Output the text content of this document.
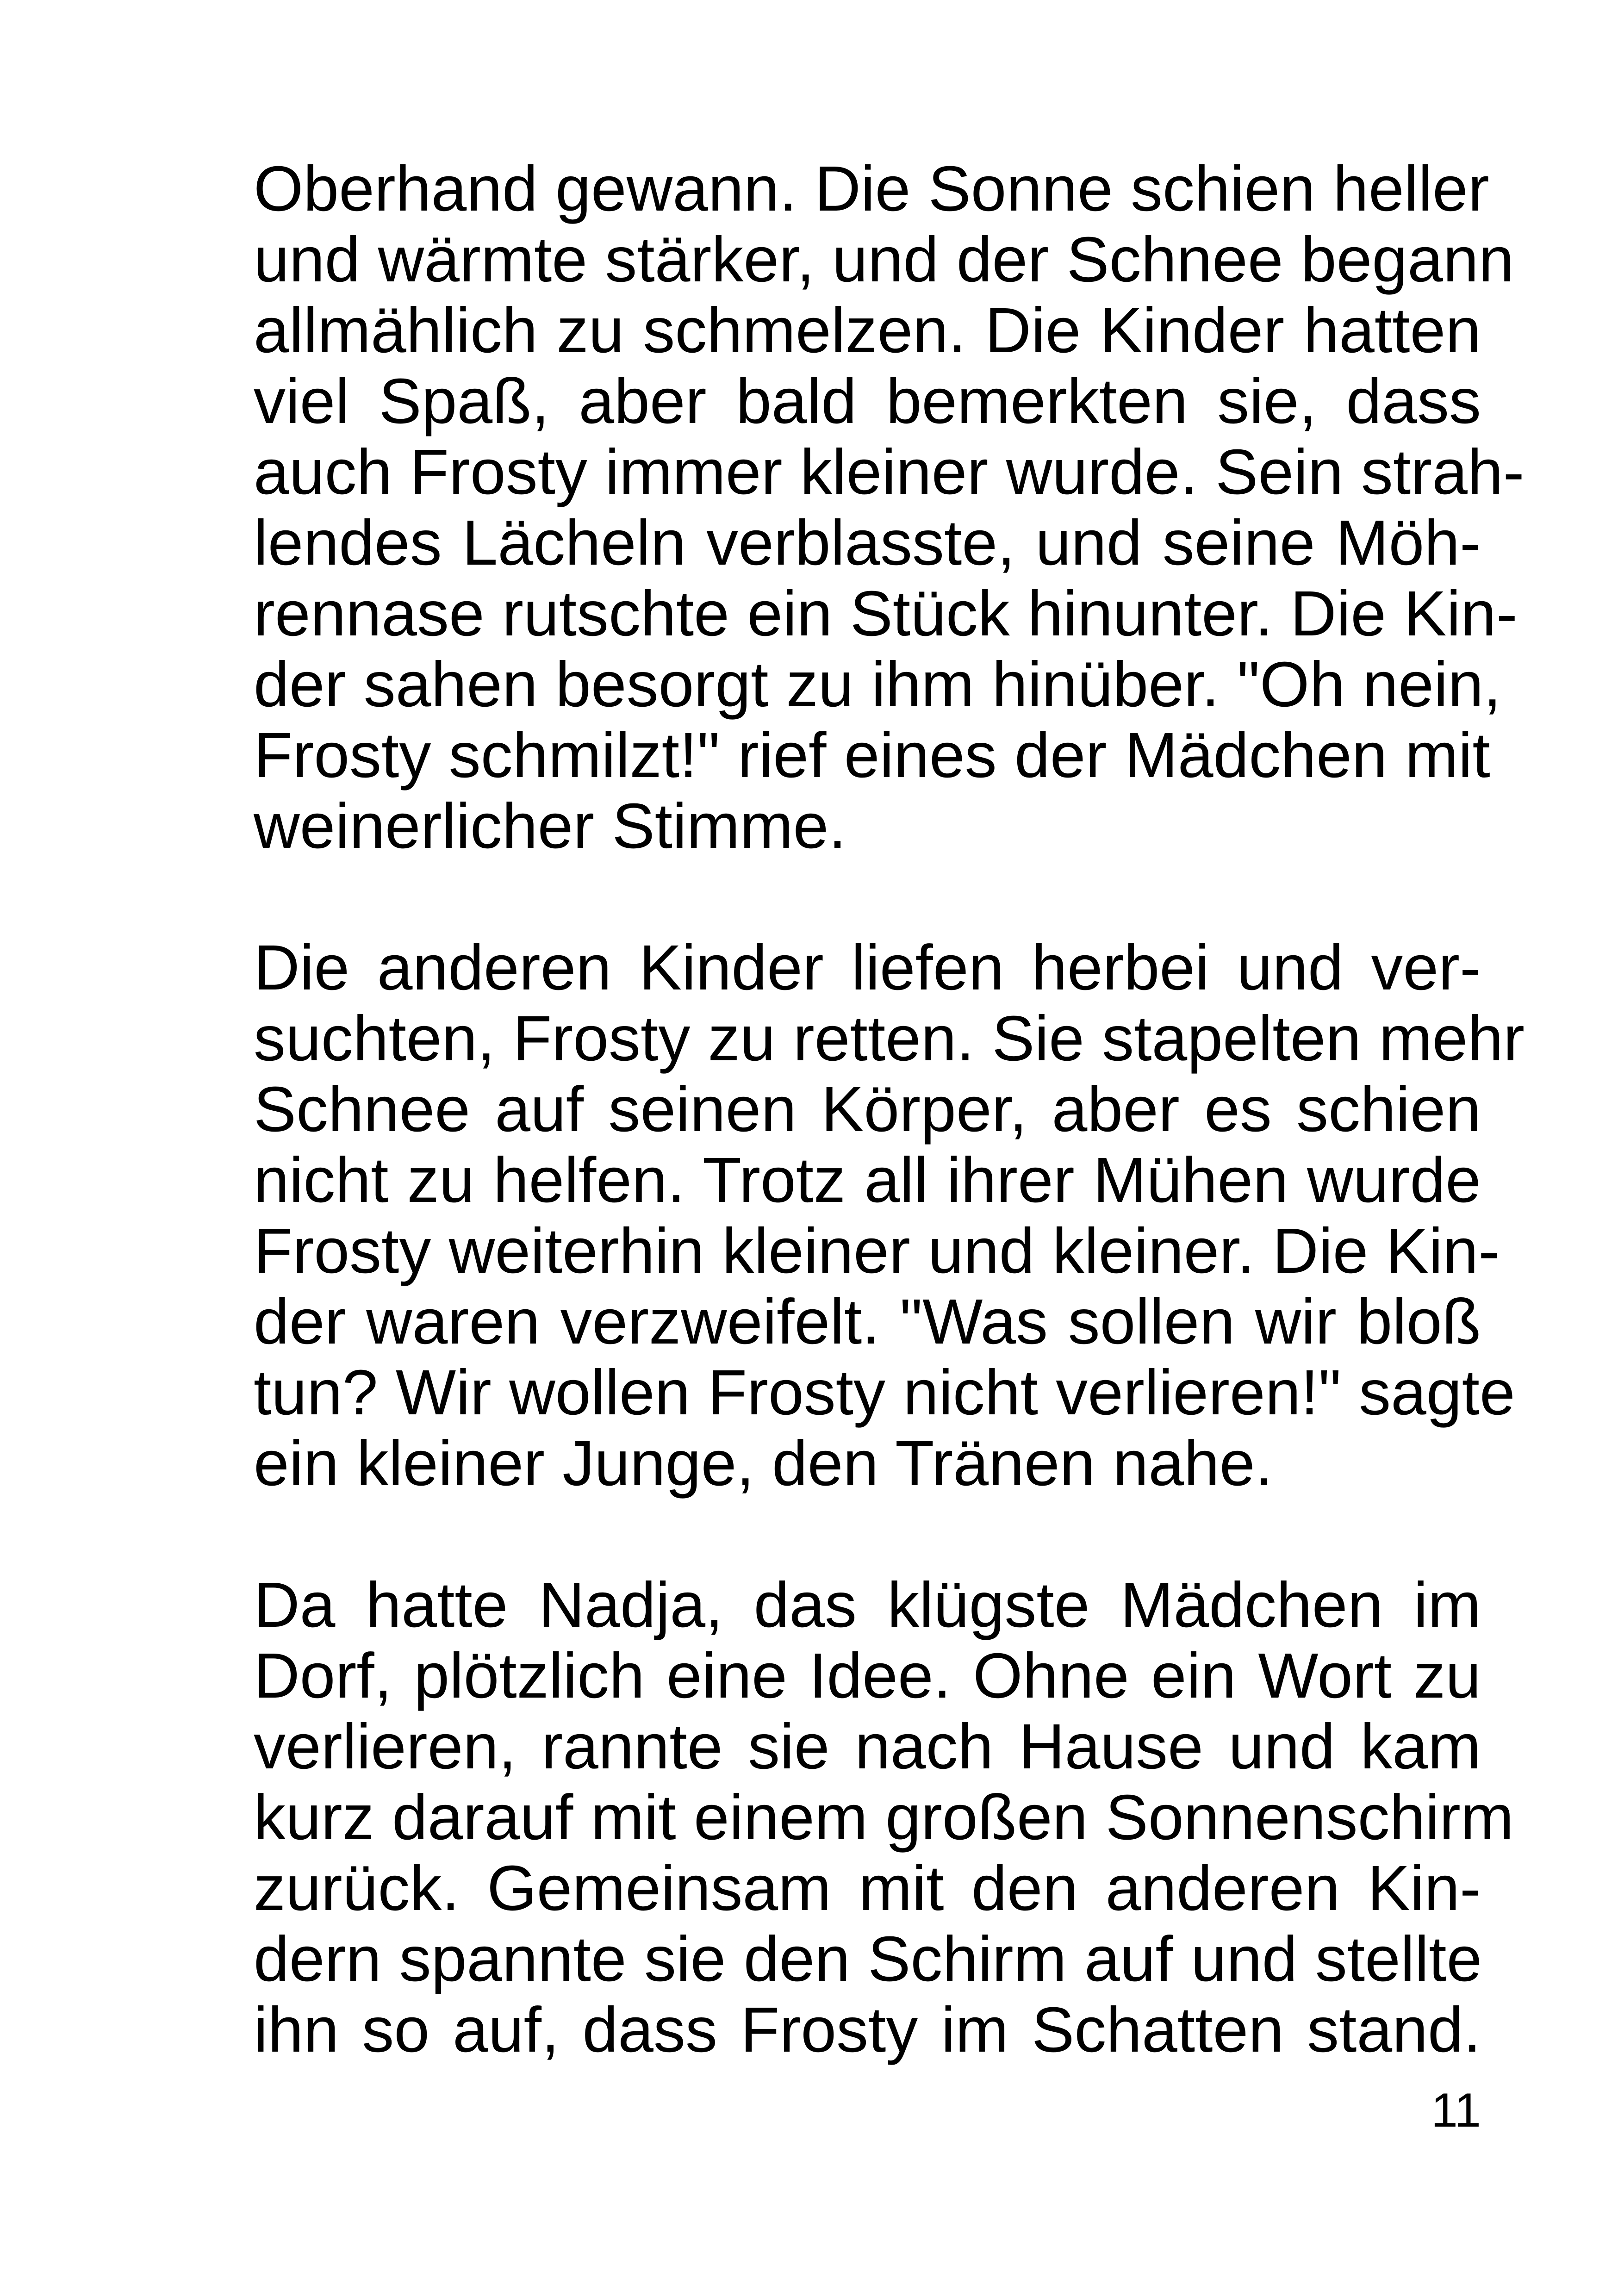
Oberhand gewann. Die Sonne schien heller
und wärmte stärker, und der Schnee begann
allmählich zu schmelzen. Die Kinder hatten
viel Spaß, aber bald bemerkten sie, dass
auch Frosty immer kleiner wurde. Sein strah-
lendes Lächeln verblasste, und seine Möh-
rennase rutschte ein Stück hinunter. Die Kin-
der sahen besorgt zu ihm hinüber. "Oh nein,
Frosty schmilzt!" rief eines der Mädchen mit
weinerlicher Stimme.
Die anderen Kinder liefen herbei und ver-
suchten, Frosty zu retten. Sie stapelten mehr
Schnee auf seinen Körper, aber es schien
nicht zu helfen. Trotz all ihrer Mühen wurde
Frosty weiterhin kleiner und kleiner. Die Kin-
der waren verzweifelt. "Was sollen wir bloß
tun? Wir wollen Frosty nicht verlieren!" sagte
ein kleiner Junge, den Tränen nahe.
Da hatte Nadja, das klügste Mädchen im
Dorf, plötzlich eine Idee. Ohne ein Wort zu
verlieren, rannte sie nach Hause und kam
kurz darauf mit einem großen Sonnenschirm
zurück. Gemeinsam mit den anderen Kin-
dern spannte sie den Schirm auf und stellte
ihn so auf, dass Frosty im Schatten stand.
11
